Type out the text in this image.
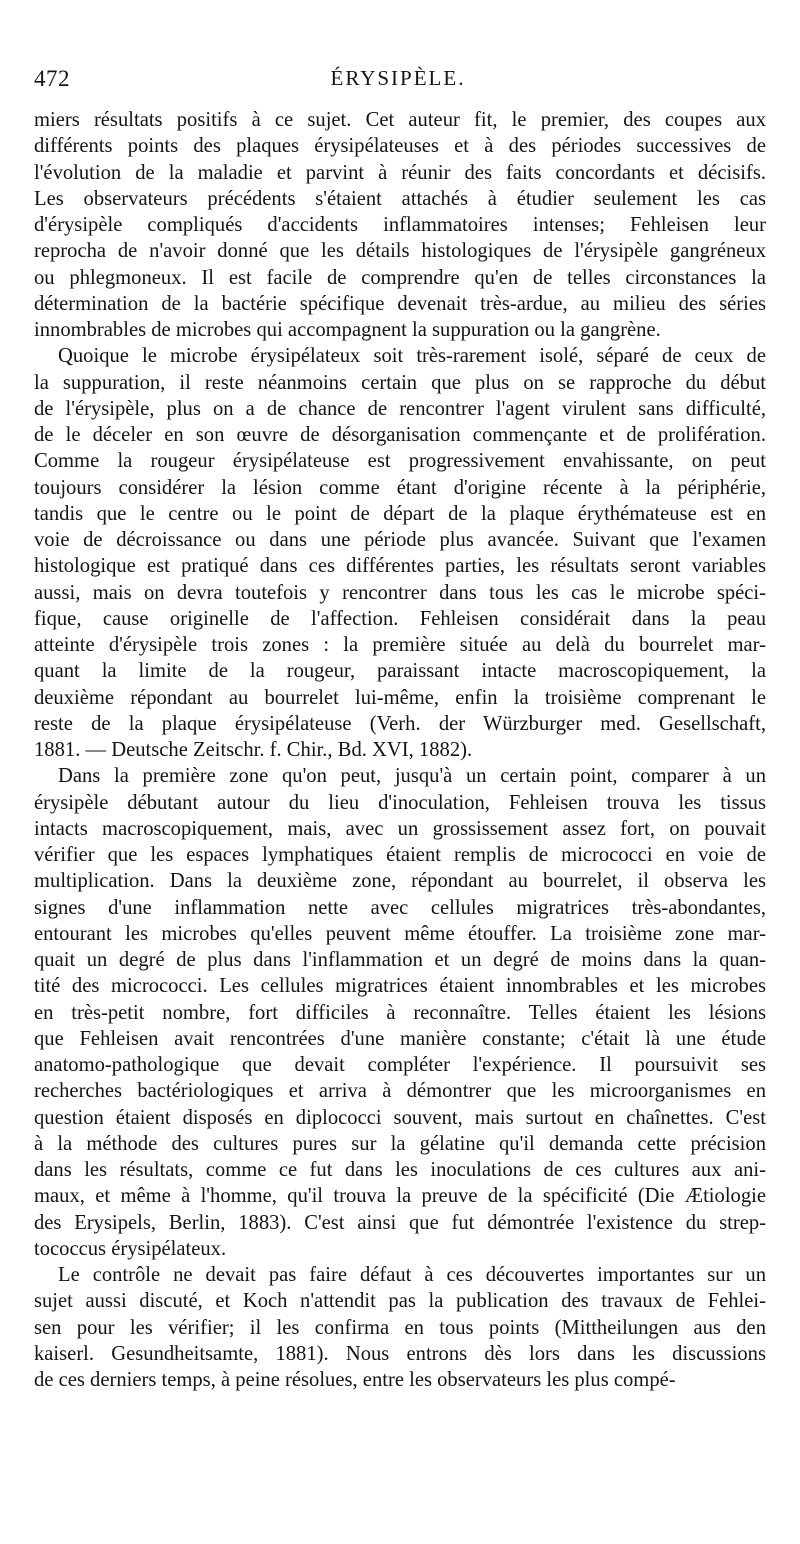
472	ÉRYSIPÈLE.

miers résultats positifs à ce sujet. Cet auteur fit, le premier, des coupes aux
différents points des plaques érysipélateuses et à des périodes successives de
l'évolution de la maladie et parvint à réunir des faits concordants et décisifs.
Les observateurs précédents s'étaient attachés à étudier seulement les cas
d'érysipèle compliqués d'accidents inflammatoires intenses; Fehleisen leur
reprocha de n'avoir donné que les détails histologiques de l'érysipèle gangréneux
ou phlegmoneux. Il est facile de comprendre qu'en de telles circonstances la
détermination de la bactérie spécifique devenait très-ardue, au milieu des séries
innombrables de microbes qui accompagnent la suppuration ou la gangrène.

Quoique le microbe érysipélateux soit très-rarement isolé, séparé de ceux de
la suppuration, il reste néanmoins certain que plus on se rapproche du début
de l'érysipèle, plus on a de chance de rencontrer l'agent virulent sans difficulté,
de le déceler en son œuvre de désorganisation commençante et de prolifération.
Comme la rougeur érysipélateuse est progressivement envahissante, on peut
toujours considérer la lésion comme étant d'origine récente à la périphérie,
tandis que le centre ou le point de départ de la plaque érythémateuse est en
voie de décroissance ou dans une période plus avancée. Suivant que l'examen
histologique est pratiqué dans ces différentes parties, les résultats seront variables
aussi, mais on devra toutefois y rencontrer dans tous les cas le microbe spéci-
fique, cause originelle de l'affection. Fehleisen considérait dans la peau
atteinte d'érysipèle trois zones : la première située au delà du bourrelet mar-
quant la limite de la rougeur, paraissant intacte macroscopiquement, la
deuxième répondant au bourrelet lui-même, enfin la troisième comprenant le
reste de la plaque érysipélateuse (Verh. der Würzburger med. Gesellschaft,
1881. — Deutsche Zeitschr. f. Chir., Bd. XVI, 1882).

Dans la première zone qu'on peut, jusqu'à un certain point, comparer à un
érysipèle débutant autour du lieu d'inoculation, Fehleisen trouva les tissus
intacts macroscopiquement, mais, avec un grossissement assez fort, on pouvait
vérifier que les espaces lymphatiques étaient remplis de micrococci en voie de
multiplication. Dans la deuxième zone, répondant au bourrelet, il observa les
signes d'une inflammation nette avec cellules migratrices très-abondantes,
entourant les microbes qu'elles peuvent même étouffer. La troisième zone mar-
quait un degré de plus dans l'inflammation et un degré de moins dans la quan-
tité des micrococci. Les cellules migratrices étaient innombrables et les microbes
en très-petit nombre, fort difficiles à reconnaître. Telles étaient les lésions
que Fehleisen avait rencontrées d'une manière constante; c'était là une étude
anatomo-pathologique que devait compléter l'expérience. Il poursuivit ses
recherches bactériologiques et arriva à démontrer que les microorganismes en
question étaient disposés en diplococci souvent, mais surtout en chaînettes. C'est
à la méthode des cultures pures sur la gélatine qu'il demanda cette précision
dans les résultats, comme ce fut dans les inoculations de ces cultures aux ani-
maux, et même à l'homme, qu'il trouva la preuve de la spécificité (Die Ætiologie
des Erysipels, Berlin, 1883). C'est ainsi que fut démontrée l'existence du strep-
tococcus érysipélateux.

Le contrôle ne devait pas faire défaut à ces découvertes importantes sur un
sujet aussi discuté, et Koch n'attendit pas la publication des travaux de Fehlei-
sen pour les vérifier; il les confirma en tous points (Mittheilungen aus den
kaiserl. Gesundheitsamte, 1881). Nous entrons dès lors dans les discussions
de ces derniers temps, à peine résolues, entre les observateurs les plus compé-
